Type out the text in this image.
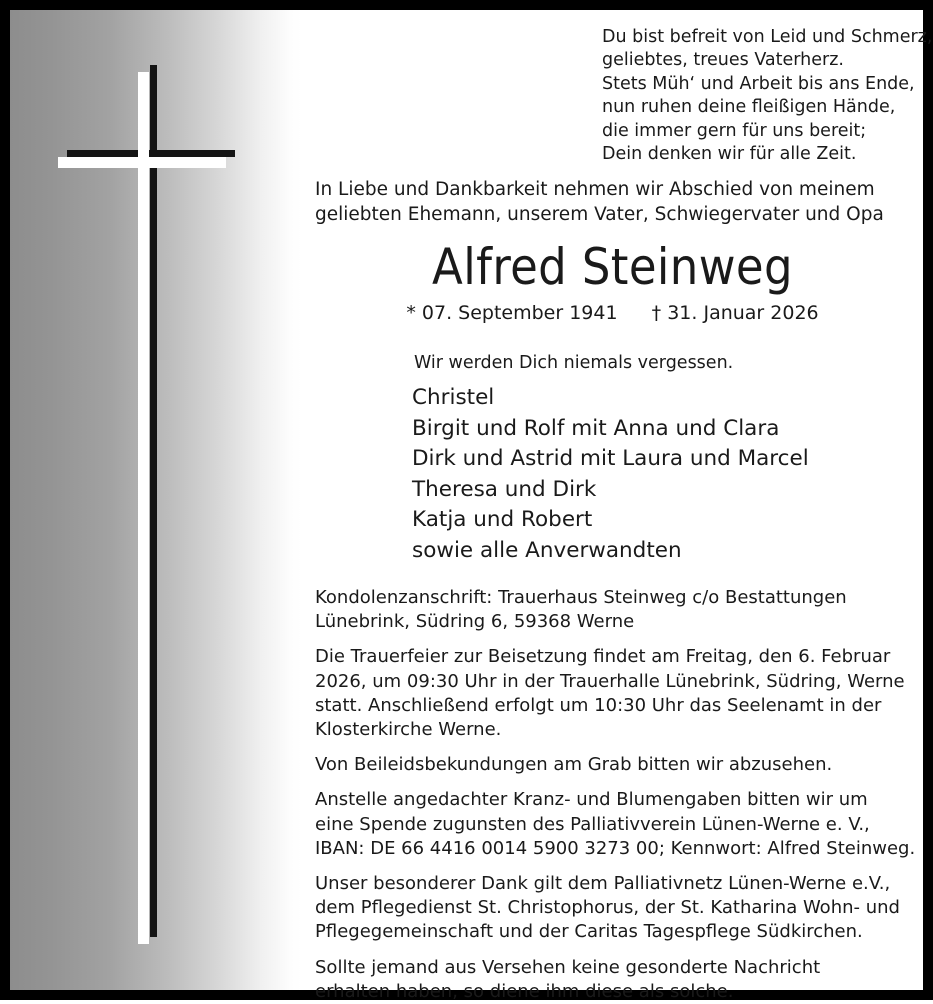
Du bist befreit von Leid und Schmerz,
geliebtes, treues Vaterherz.
Stets Müh‘ und Arbeit bis ans Ende,
nun ruhen deine fleißigen Hände,
die immer gern für uns bereit;
Dein denken wir für alle Zeit.
In Liebe und Dankbarkeit nehmen wir Abschied von meinem
geliebten Ehemann, unserem Vater, Schwiegervater und Opa
Alfred Steinweg
* 07. September 1941 † 31. Januar 2026
Wir werden Dich niemals vergessen.
Christel
Birgit und Rolf mit Anna und Clara
Dirk und Astrid mit Laura und Marcel
Theresa und Dirk
Katja und Robert
sowie alle Anverwandten

Kondolenzanschrift: Trauerhaus Steinweg c/o Bestattungen
Lünebrink, Südring 6, 59368 Werne

Die Trauerfeier zur Beisetzung findet am Freitag, den 6. Februar
2026, um 09:30 Uhr in der Trauerhalle Lünebrink, Südring, Werne
statt. Anschließend erfolgt um 10:30 Uhr das Seelenamt in der
Klosterkirche Werne.

Von Beileidsbekundungen am Grab bitten wir abzusehen.

Anstelle angedachter Kranz- und Blumengaben bitten wir um
eine Spende zugunsten des Palliativverein Lünen-Werne e. V.,
IBAN: DE 66 4416 0014 5900 3273 00; Kennwort: Alfred Steinweg.

Unser besonderer Dank gilt dem Palliativnetz Lünen-Werne e.V.,
dem Pflegedienst St. Christophorus, der St. Katharina Wohn- und
Pflegegemeinschaft und der Caritas Tagespflege Südkirchen.

Sollte jemand aus Versehen keine gesonderte Nachricht
erhalten haben, so diene ihm diese als solche.
